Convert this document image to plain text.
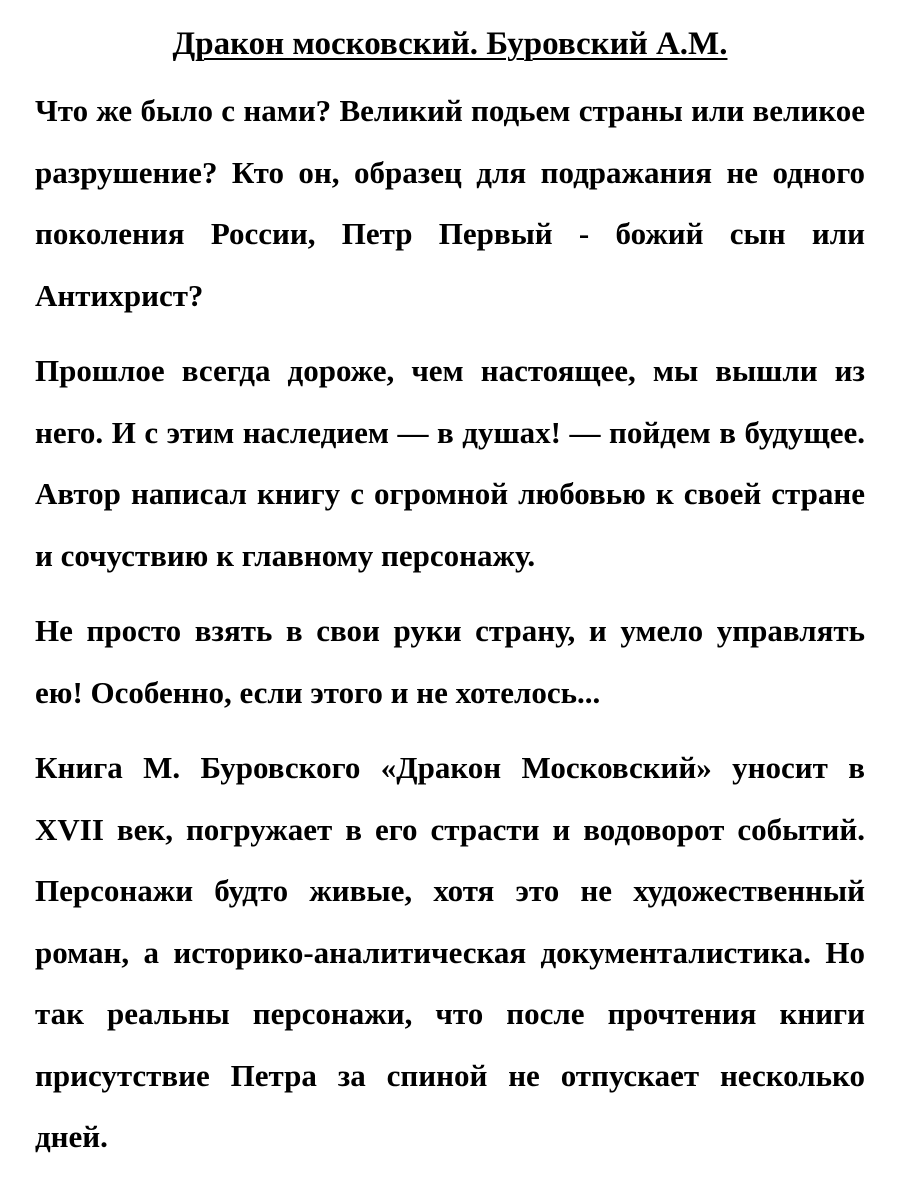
Дракон московский. Буровский А.М.

Что же было с нами? Великий подьем страны или великое разрушение? Кто он, образец для подражания не одного поколения России, Петр Первый - божий сын или Антихрист?

Прошлое всегда дороже, чем настоящее, мы вышли из него. И с этим наследием — в душах! — пойдем в будущее. Автор написал книгу с огромной любовью к своей стране и сочуствию к главному персонажу.

Не просто взять в свои руки страну, и умело управлять ею! Особенно, если этого и не хотелось...

Книга М. Буровского «Дракон Московский» уносит в XVII век, погружает в его страсти и водоворот событий. Персонажи будто живые, хотя это не художественный роман, а историко-аналитическая документалистика. Но так реальны персонажи, что после прочтения книги присутствие Петра за спиной не отпускает несколько дней.
